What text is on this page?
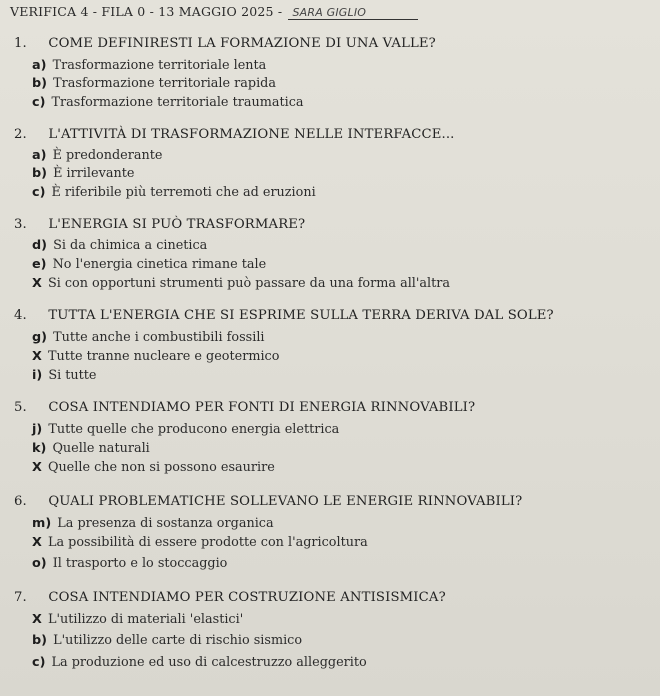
VERIFICA 4 - FILA 0 - 13 MAGGIO 2025 - SARA GIGLIO
1. COME DEFINIRESTI LA FORMAZIONE DI UNA VALLE?
a) Trasformazione territoriale lenta
b) Trasformazione territoriale rapida
c) Trasformazione territoriale traumatica
2. L'ATTIVITÀ DI TRASFORMAZIONE NELLE INTERFACCE...
a) È predonderante
b) È irrilevante
c) È riferibile più terremoti che ad eruzioni
3. L'ENERGIA SI PUÒ TRASFORMARE?
d) Si da chimica a cinetica
e) No l'energia cinetica rimane tale
X Si con opportuni strumenti può passare da una forma all'altra
4. TUTTA L'ENERGIA CHE SI ESPRIME SULLA TERRA DERIVA DAL SOLE?
g) Tutte anche i combustibili fossili
X Tutte tranne nucleare e geotermico
i) Si tutte
5. COSA INTENDIAMO PER FONTI DI ENERGIA RINNOVABILI?
j) Tutte quelle che producono energia elettrica
k) Quelle naturali
X Quelle che non si possono esaurire
6. QUALI PROBLEMATICHE SOLLEVANO LE ENERGIE RINNOVABILI?
m) La presenza di sostanza organica
X La possibilità di essere prodotte con l'agricoltura
o) Il trasporto e lo stoccaggio
7. COSA INTENDIAMO PER COSTRUZIONE ANTISISMICA?
X L'utilizzo di materiali 'elastici'
b) L'utilizzo delle carte di rischio sismico
c) La produzione ed uso di calcestruzzo alleggerito
